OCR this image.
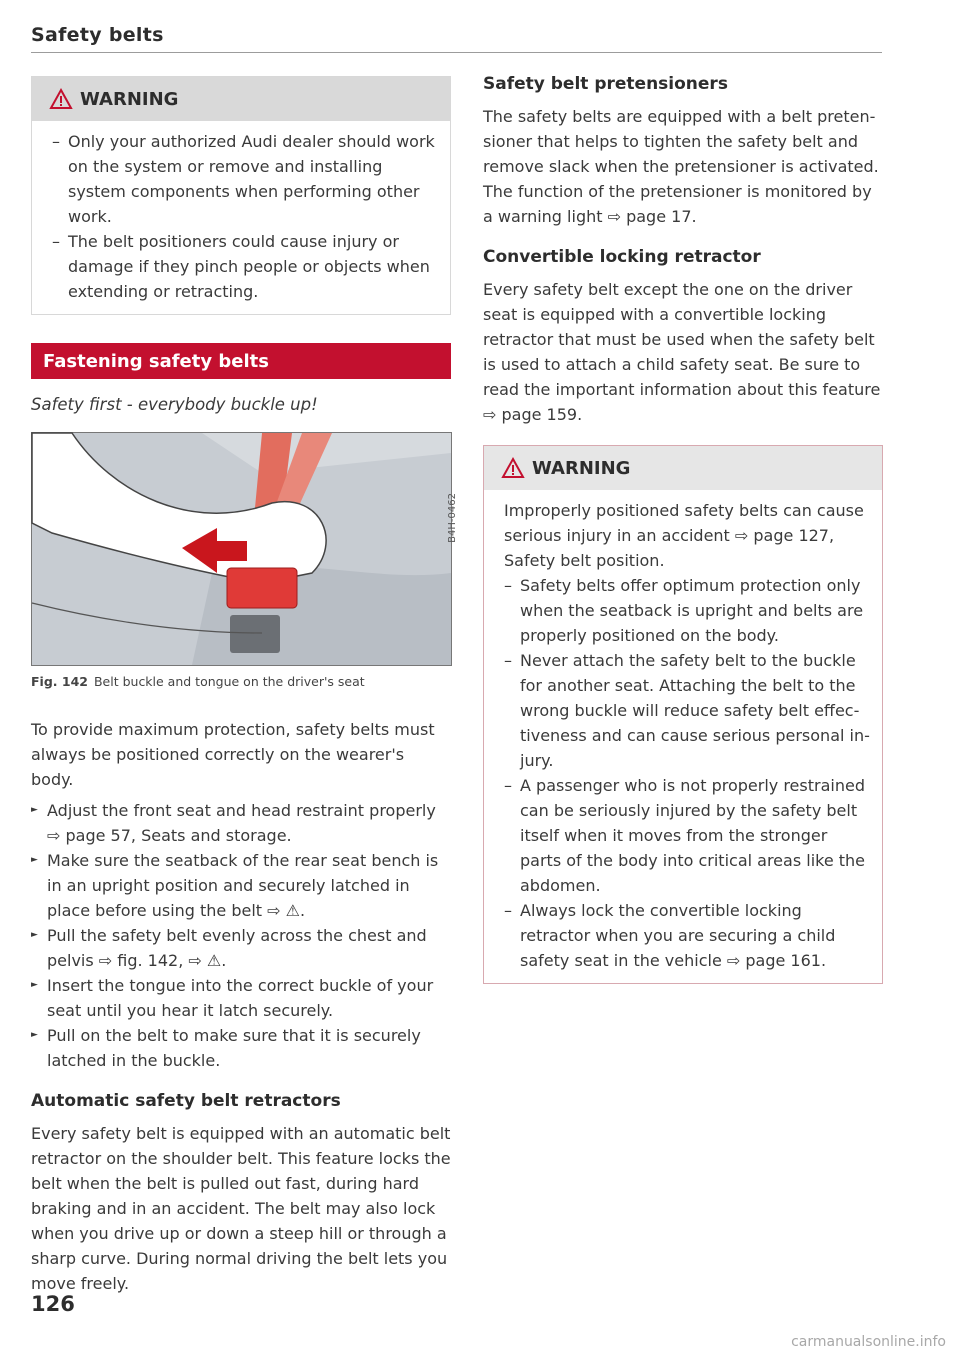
Safety belts
WARNING
– Only your authorized Audi dealer should work on the system or remove and installing system components when performing other work.
– The belt positioners could cause injury or damage if they pinch people or objects when extending or retracting.
Fastening safety belts

Safety first - everybody buckle up!

B4H-0462
Fig. 142 Belt buckle and tongue on the driver's seat

To provide maximum protection, safety belts must always be positioned correctly on the wearer's body.

► Adjust the front seat and head restraint properly ⇨ page 57, Seats and storage.
► Make sure the seatback of the rear seat bench is in an upright position and securely latched in place before using the belt ⇨ ⚠.
► Pull the safety belt evenly across the chest and pelvis ⇨ fig. 142, ⇨ ⚠.
► Insert the tongue into the correct buckle of your seat until you hear it latch securely.
► Pull on the belt to make sure that it is securely latched in the buckle.
Automatic safety belt retractors

Every safety belt is equipped with an automatic belt retractor on the shoulder belt. This feature locks the belt when the belt is pulled out fast, during hard braking and in an accident. The belt may also lock when you drive up or down a steep hill or through a sharp curve. During normal driving the belt lets you move freely.

Safety belt pretensioners

The safety belts are equipped with a belt pretensioner that helps to tighten the safety belt and remove slack when the pretensioner is activated. The function of the pretensioner is monitored by a warning light ⇨ page 17.

Convertible locking retractor

Every safety belt except the one on the driver seat is equipped with a convertible locking retractor that must be used when the safety belt is used to attach a child safety seat. Be sure to read the important information about this feature ⇨ page 159.

WARNING

Improperly positioned safety belts can cause serious injury in an accident ⇨ page 127, Safety belt position.

– Safety belts offer optimum protection only when the seatback is upright and belts are properly positioned on the body.
– Never attach the safety belt to the buckle for another seat. Attaching the belt to the wrong buckle will reduce safety belt effectiveness and can cause serious personal injury.
– A passenger who is not properly restrained can be seriously injured by the safety belt itself when it moves from the stronger parts of the body into critical areas like the abdomen.
– Always lock the convertible locking retractor when you are securing a child safety seat in the vehicle ⇨ page 161.
126
carmanualsonline.info
